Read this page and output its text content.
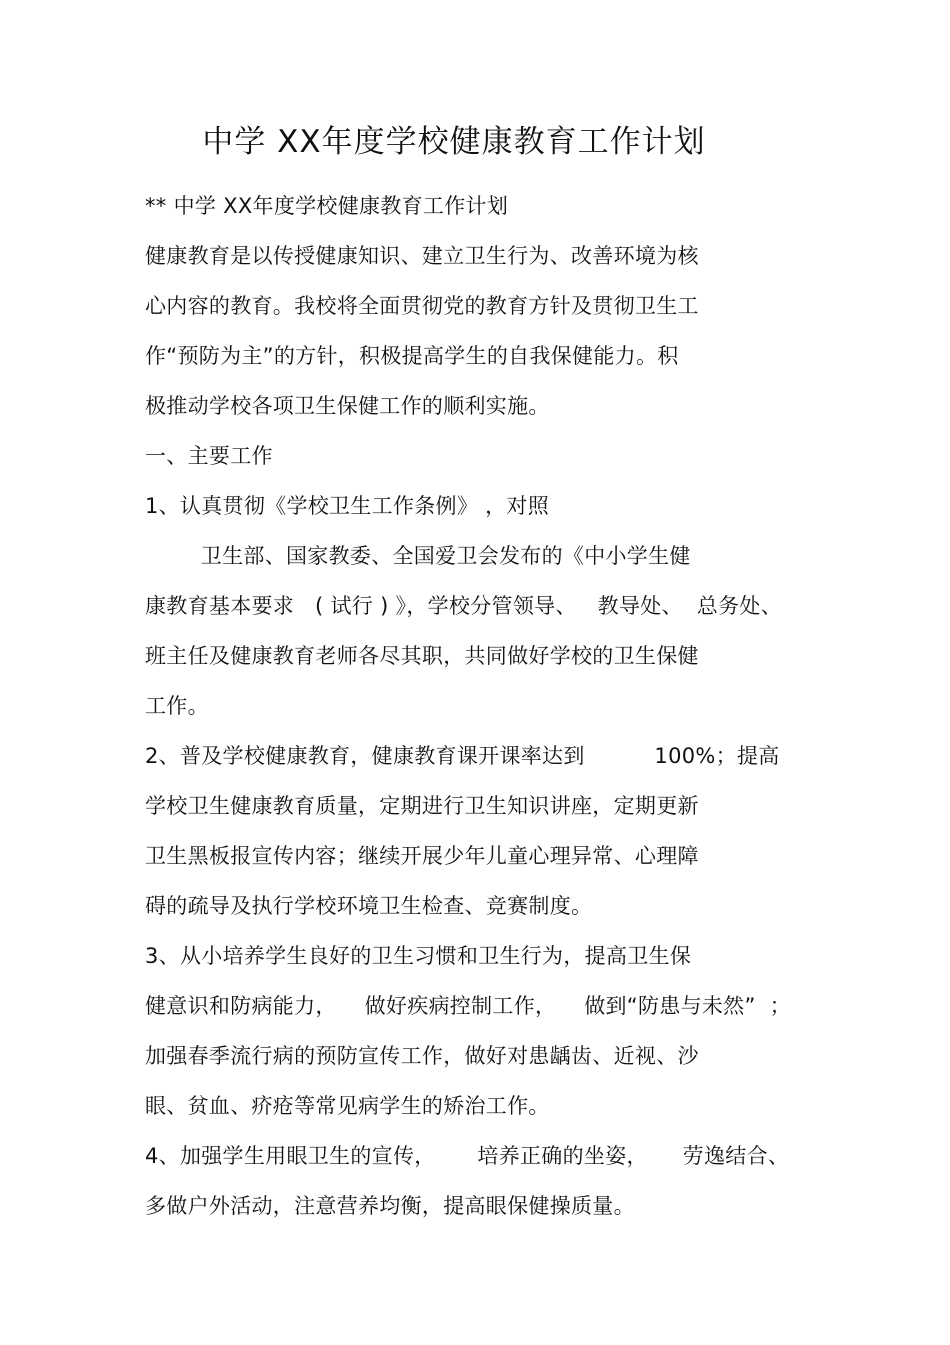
中学 XX年度学校健康教育工作计划
** 中学 XX年度学校健康教育工作计划
健康教育是以传授健康知识、建立卫生行为、改善环境为核
心内容的教育。我校将全面贯彻党的教育方针及贯彻卫生工
作“预防为主”的方针，积极提高学生的自我保健能力。积
极推动学校各项卫生保健工作的顺利实施。
一、主要工作
1、认真贯彻《学校卫生工作条例》 ，对照
卫生部、国家教委、全国爱卫会发布的《中小学生健
康教育基本要求   ( 试行 ) 》，学校分管领导、   教导处、  总务处、
班主任及健康教育老师各尽其职，共同做好学校的卫生保健
工作。
2、普及学校健康教育，健康教育课开课率达到          100%；提高
学校卫生健康教育质量，定期进行卫生知识讲座，定期更新
卫生黑板报宣传内容；继续开展少年儿童心理异常、心理障
碍的疏导及执行学校环境卫生检查、竞赛制度。
3、从小培养学生良好的卫生习惯和卫生行为，提高卫生保
健意识和防病能力，    做好疾病控制工作，    做到“防患与未然”  ；
加强春季流行病的预防宣传工作，做好对患龋齿、近视、沙
眼、贫血、疥疮等常见病学生的矫治工作。
4、加强学生用眼卫生的宣传，      培养正确的坐姿，     劳逸结合、
多做户外活动，注意营养均衡，提高眼保健操质量。
